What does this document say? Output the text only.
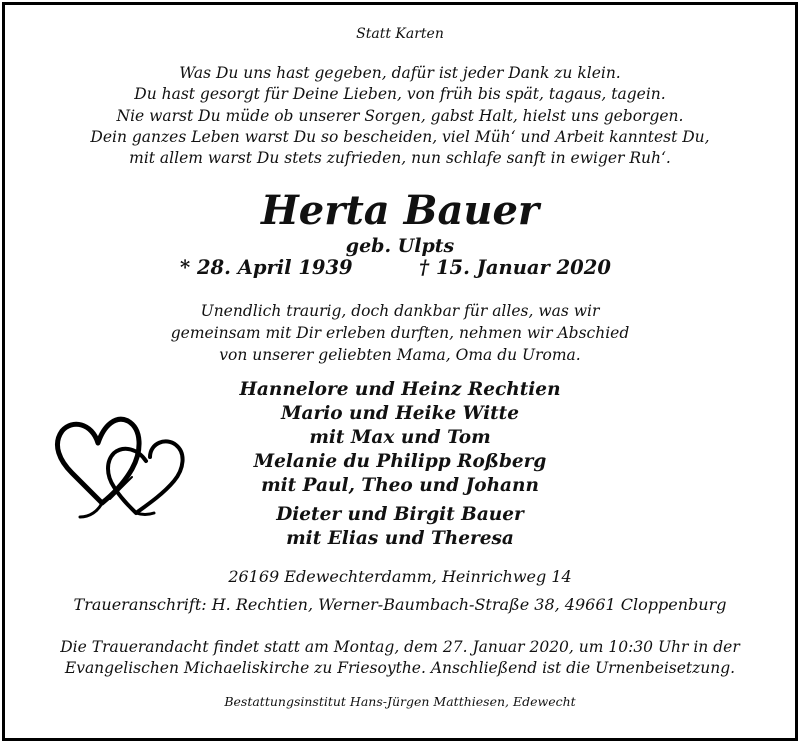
Statt Karten
Was Du uns hast gegeben, dafür ist jeder Dank zu klein.
Du hast gesorgt für Deine Lieben, von früh bis spät, tagaus, tagein.
Nie warst Du müde ob unserer Sorgen, gabst Halt, hielst uns geborgen.
Dein ganzes Leben warst Du so bescheiden, viel Müh‘ und Arbeit kanntest Du,
mit allem warst Du stets zufrieden, nun schlafe sanft in ewiger Ruh‘.
Herta Bauer
geb. Ulpts
* 28. April 1939	† 15. Januar 2020
Unendlich traurig, doch dankbar für alles, was wir
gemeinsam mit Dir erleben durften, nehmen wir Abschied
von unserer geliebten Mama, Oma du Uroma.
Hannelore und Heinz Rechtien
Mario und Heike Witte
mit Max und Tom
Melanie du Philipp Roßberg
mit Paul, Theo und Johann
Dieter und Birgit Bauer
mit Elias und Theresa
26169 Edewechterdamm, Heinrichweg 14
Traueranschrift: H. Rechtien, Werner-Baumbach-Straße 38, 49661 Cloppenburg
Die Trauerandacht findet statt am Montag, dem 27. Januar 2020, um 10:30 Uhr in der
Evangelischen Michaeliskirche zu Friesoythe. Anschließend ist die Urnenbeisetzung.
Bestattungsinstitut Hans-Jürgen Matthiesen, Edewecht
